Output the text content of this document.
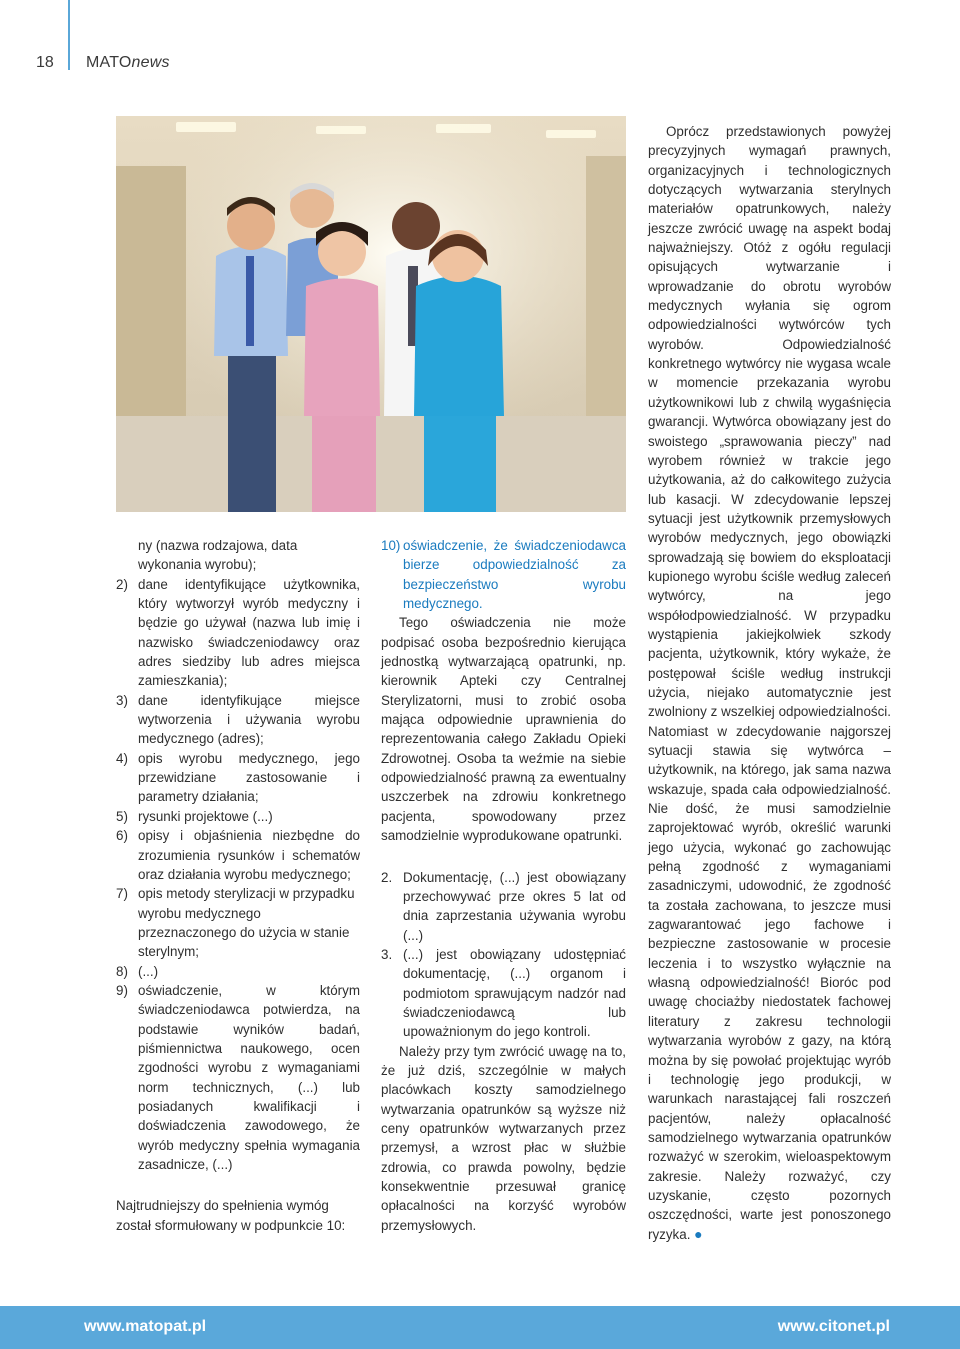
18 MATOnews
ny (nazwa rodzajowa, data wykonania wyrobu);
2) dane identyfikujące użytkownika, który wytworzył wyrób medyczny i będzie go używał (nazwa lub imię i nazwisko świadczeniodawcy oraz adres siedziby lub adres miejsca zamieszkania);
3) dane identyfikujące miejsce wytworzenia i używania wyrobu medycznego (adres);
4) opis wyrobu medycznego, jego przewidziane zastosowanie i parametry działania;
5) rysunki projektowe (...)
6) opisy i objaśnienia niezbędne do zrozumienia rysunków i schematów oraz działania wyrobu medycznego;
7) opis metody sterylizacji w przypadku wyrobu medycznego przeznaczonego do użycia w stanie sterylnym;
8) (...)
9) oświadczenie, w którym świadczeniodawca potwierdza, na podstawie wyników badań, piśmiennictwa naukowego, ocen zgodności wyrobu z wymaganiami norm technicznych, (...) lub posiadanych kwalifikacji i doświadczenia zawodowego, że wyrób medyczny spełnia wymagania zasadnicze, (...)
Najtrudniejszy do spełnienia wymóg został sformułowany w podpunkcie 10:
10) oświadczenie, że świadczeniodawca bierze odpowiedzialność za bezpieczeństwo wyrobu medycznego.
Tego oświadczenia nie może podpisać osoba bezpośrednio kierująca jednostką wytwarzającą opatrunki, np. kierownik Apteki czy Centralnej Sterylizatorni, musi to zrobić osoba mająca odpowiednie uprawnienia do reprezentowania całego Zakładu Opieki Zdrowotnej. Osoba ta weźmie na siebie odpowiedzialność prawną za ewentualny uszczerbek na zdrowiu konkretnego pacjenta, spowodowany przez samodzielnie wyprodukowane opatrunki.
2. Dokumentację, (...) jest obowiązany przechowywać prze okres 5 lat od dnia zaprzestania używania wyrobu (...)
3. (...) jest obowiązany udostępniać dokumentację, (...) organom i podmiotom sprawującym nadzór nad świadczeniodawcą lub upoważnionym do jego kontroli.
Należy przy tym zwrócić uwagę na to, że już dziś, szczególnie w małych placówkach koszty samodzielnego wytwarzania opatrunków są wyższe niż ceny opatrunków wytwarzanych przez przemysł, a wzrost płac w służbie zdrowia, co prawda powolny, będzie konsekwentnie przesuwał granicę opłacalności na korzyść wyrobów przemysłowych.
Oprócz przedstawionych powyżej precyzyjnych wymagań prawnych, organizacyjnych i technologicznych dotyczących wytwarzania sterylnych materiałów opatrunkowych, należy jeszcze zwrócić uwagę na aspekt bodaj najważniejszy. Otóż z ogółu regulacji opisujących wytwarzanie i wprowadzanie do obrotu wyrobów medycznych wyłania się ogrom odpowiedzialności wytwórców tych wyrobów. Odpowiedzialność konkretnego wytwórcy nie wygasa wcale w momencie przekazania wyrobu użytkownikowi lub z chwilą wygaśnięcia gwarancji. Wytwórca obowiązany jest do swoistego „sprawowania pieczy” nad wyrobem również w trakcie jego użytkowania, aż do całkowitego zużycia lub kasacji. W zdecydowanie lepszej sytuacji jest użytkownik przemysłowych wyrobów medycznych, jego obowiązki sprowadzają się bowiem do eksploatacji kupionego wyrobu ściśle według zaleceń wytwórcy, na jego współodpowiedzialność. W przypadku wystąpienia jakiejkolwiek szkody pacjenta, użytkownik, który wykaże, że postępował ściśle według instrukcji użycia, niejako automatycznie jest zwolniony z wszelkiej odpowiedzialności. Natomiast w zdecydowanie najgorszej sytuacji stawia się wytwórca – użytkownik, na którego, jak sama nazwa wskazuje, spada cała odpowiedzialność. Nie dość, że musi samodzielnie zaprojektować wyrób, określić warunki jego użycia, wykonać go zachowując pełną zgodność z wymaganiami zasadniczymi, udowodnić, że zgodność ta została zachowana, to jeszcze musi zagwarantować jego fachowe i bezpieczne zastosowanie w procesie leczenia i to wszystko wyłącznie na własną odpowiedzialność! Bioróc pod uwagę chociażby niedostatek fachowej literatury z zakresu technologii wytwarzania wyrobów z gazy, na którą można by się powołać projektując wyrób i technologię jego produkcji, w warunkach narastającej fali roszczeń pacjentów, należy opłacalność samodzielnego wytwarzania opatrunków rozważyć w szerokim, wieloaspektowym zakresie. Należy rozważyć, czy uzyskanie, często pozornych oszczędności, warte jest ponoszonego ryzyka. ●
www.matopat.pl	www.citonet.pl
